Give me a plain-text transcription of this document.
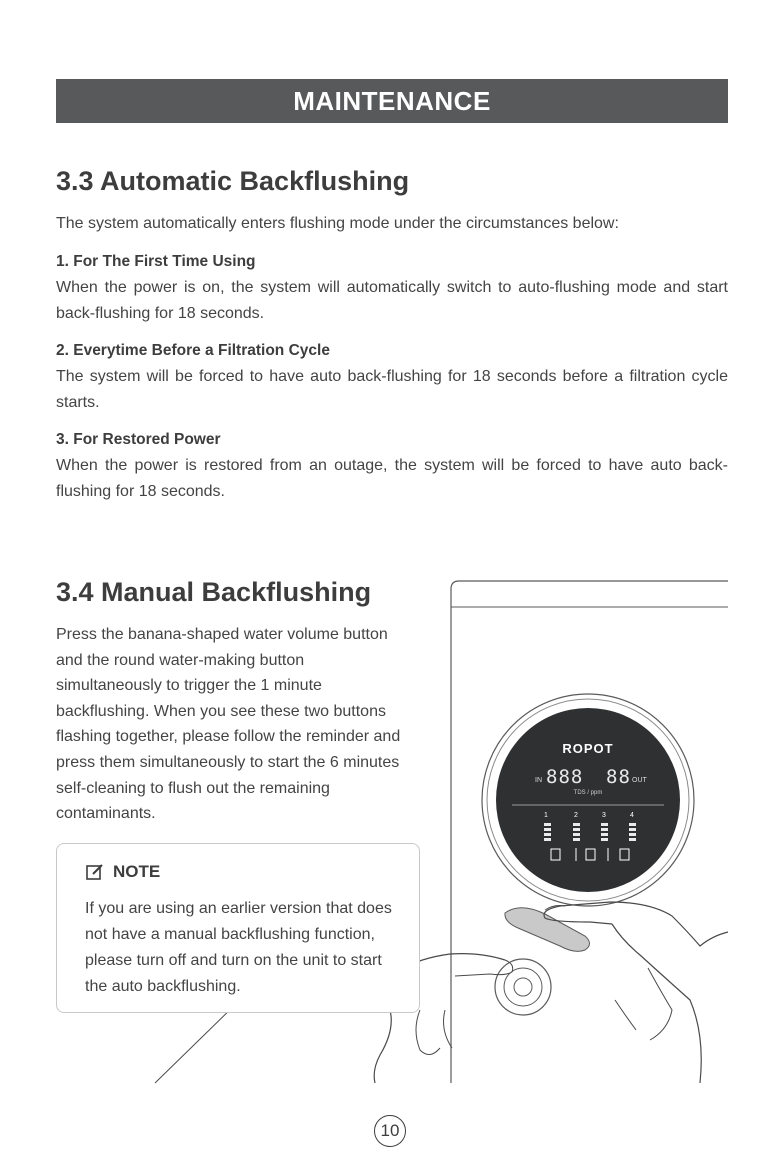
MAINTENANCE
3.3 Automatic Backflushing

The system automatically enters flushing mode under the circumstances below:

1. For The First Time Using

When the power is on, the system will automatically switch to auto-flushing mode and start back-flushing for 18 seconds.

2. Everytime Before a Filtration Cycle

The system will be forced to have auto back-flushing for 18 seconds before a filtration cycle starts.

3. For Restored Power

When the power is restored from an outage, the system will be forced to have auto back-flushing for 18 seconds.

ROPOT
IN 888 88 OUT
TDS / ppm
1	2	3	4
3.4 Manual Backflushing

Press the banana-shaped water volume button and the round water-making button simultaneously to trigger the 1 minute backflushing. When you see these two buttons flashing together, please follow the reminder and press them simultaneously to start the 6 minutes self-cleaning to flush out the remaining contaminants.

NOTE

If you are using an earlier version that does not have a manual backflushing function, please turn off and turn on the unit to start the auto backflushing.

10
